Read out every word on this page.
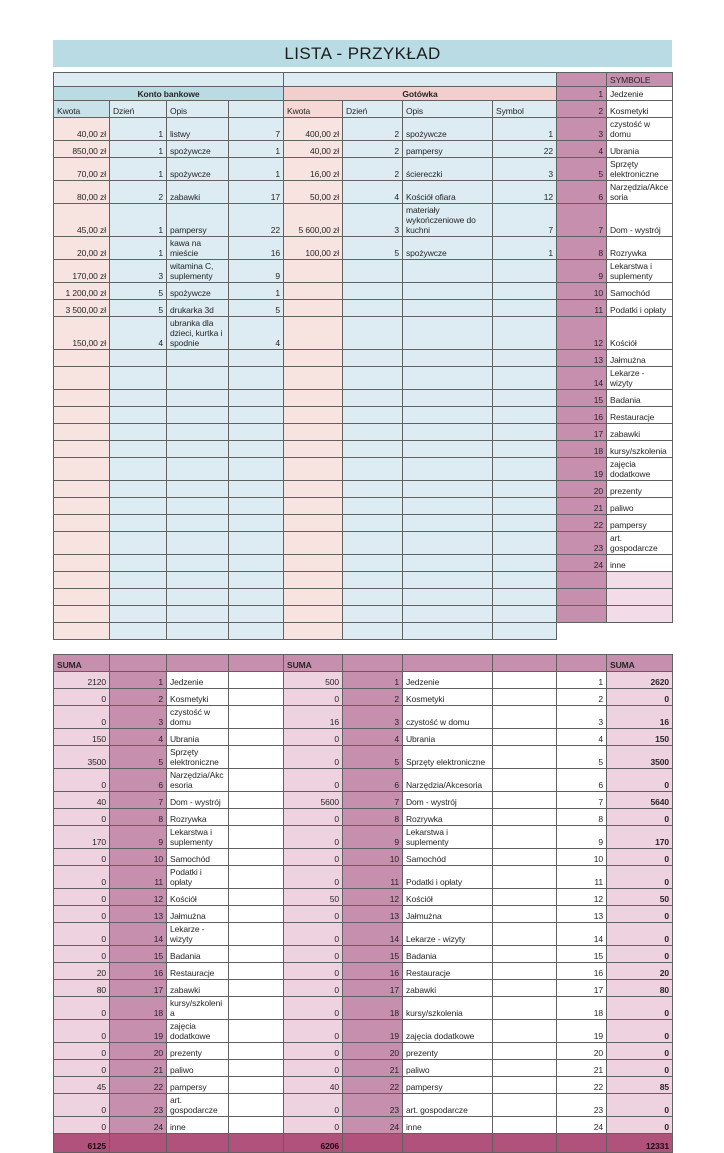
LISTA - PRZYKŁAD
									SYMBOLE
Konto bankowe				Gotówka				1	Jedzenie
Kwota	Dzień	Opis		Kwota	Dzień	Opis	Symbol	2	Kosmetyki
40,00 zł	1	listwy	7	400,00 zł	2	spożywcze	1	3	czystość w domu
850,00 zł	1	spożywcze	1	40,00 zł	2	pampersy	22	4	Ubrania
70,00 zł	1	spożywcze	1	16,00 zł	2	ściereczki	3	5	Sprzęty elektroniczne
80,00 zł	2	zabawki	17	50,00 zł	4	Kościół ofiara	12	6	Narzędzia/Akcesoria
45,00 zł	1	pampersy	22	5 600,00 zł	3	materiały wykończeniowe do kuchni	7	7	Dom - wystrój
20,00 zł	1	kawa na mieście	16	100,00 zł	5	spożywcze	1	8	Rozrywka
170,00 zł	3	witamina C, suplementy	9					9	Lekarstwa i suplementy
1 200,00 zł	5	spożywcze	1					10	Samochód
3 500,00 zł	5	drukarka 3d	5					11	Podatki i opłaty
150,00 zł	4	ubranka dla dzieci, kurtka i spodnie	4					12	Kościół
								13	Jałmużna
								14	Lekarze - wizyty
								15	Badania
								16	Restauracje
								17	zabawki
								18	kursy/szkolenia
								19	zajęcia dodatkowe
								20	prezenty
								21	paliwo
								22	pampersy
								23	art. gospodarcze
								24	inne

SUMA				SUMA					SUMA
2120	1	Jedzenie		500	1	Jedzenie		1	2620
0	2	Kosmetyki		0	2	Kosmetyki		2	0
0	3	czystość w domu		16	3	czystość w domu		3	16
150	4	Ubrania		0	4	Ubrania		4	150
3500	5	Sprzęty elektroniczne		0	5	Sprzęty elektroniczne		5	3500
0	6	Narzędzia/Akcesoria		0	6	Narzędzia/Akcesoria		6	0
40	7	Dom - wystrój		5600	7	Dom - wystrój		7	5640
0	8	Rozrywka		0	8	Rozrywka		8	0
170	9	Lekarstwa i suplementy		0	9	Lekarstwa i suplementy		9	170
0	10	Samochód		0	10	Samochód		10	0
0	11	Podatki i opłaty		0	11	Podatki i opłaty		11	0
0	12	Kościół		50	12	Kościół		12	50
0	13	Jałmużna		0	13	Jałmużna		13	0
0	14	Lekarze - wizyty		0	14	Lekarze - wizyty		14	0
0	15	Badania		0	15	Badania		15	0
20	16	Restauracje		0	16	Restauracje		16	20
80	17	zabawki		0	17	zabawki		17	80
0	18	kursy/szkolenia		0	18	kursy/szkolenia		18	0
0	19	zajęcia dodatkowe		0	19	zajęcia dodatkowe		19	0
0	20	prezenty		0	20	prezenty		20	0
0	21	paliwo		0	21	paliwo		21	0
45	22	pampersy		40	22	pampersy		22	85
0	23	art. gospodarcze		0	23	art. gospodarcze		23	0
0	24	inne		0	24	inne		24	0
6125				6206					12331
